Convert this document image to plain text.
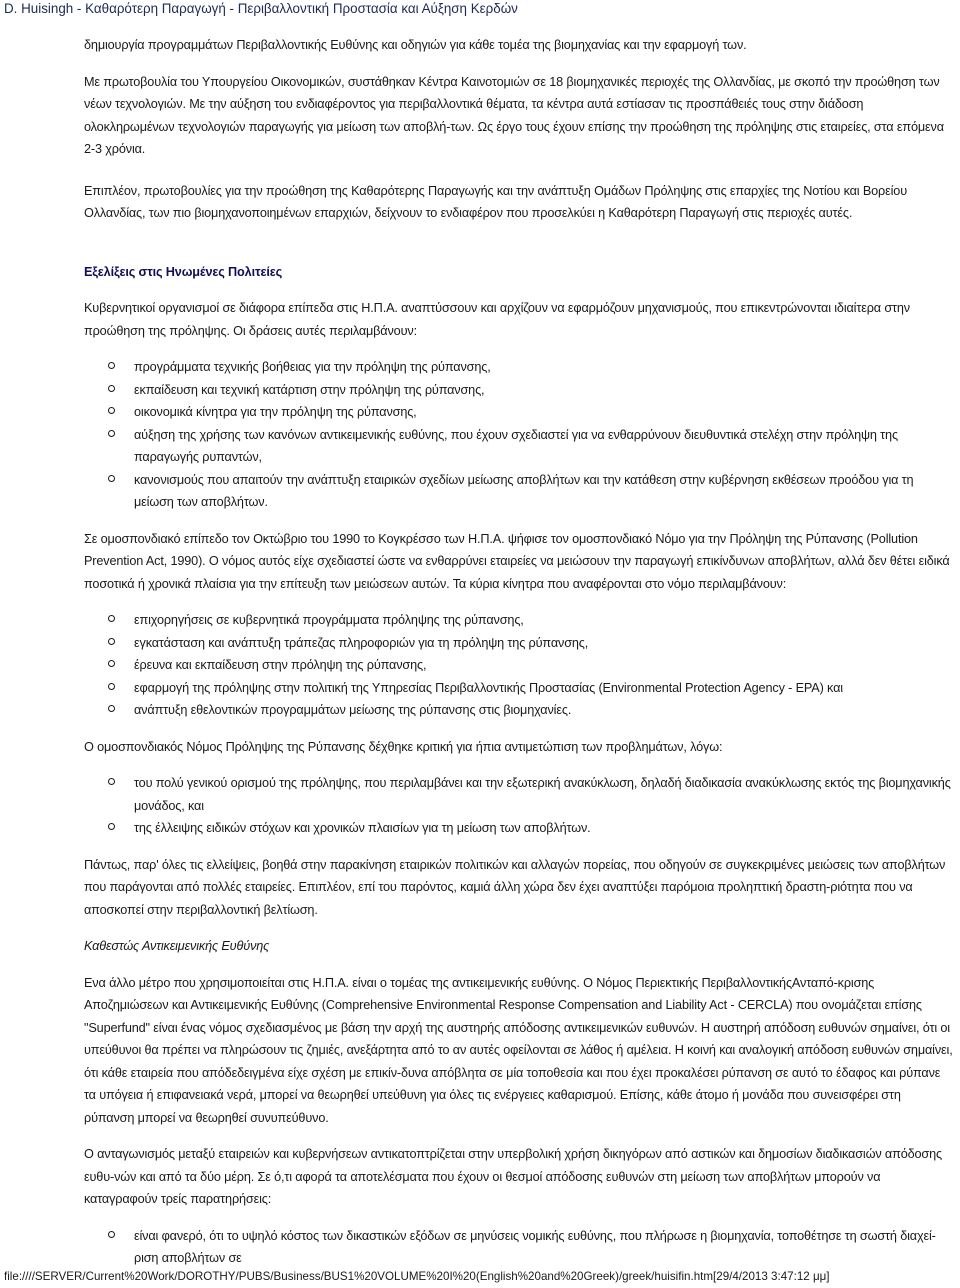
D. Huisingh - Καθαρότερη Παραγωγή - Περιβαλλοντική Προστασία και Αύξηση Κερδών

δημιουργία προγραμμάτων Περιβαλλοντικής Ευθύνης και οδηγιών για κάθε τομέα της βιομηχανίας και την εφαρμογή των.

Με πρωτοβουλία του Υπουργείου Οικονομικών, συστάθηκαν Κέντρα Καινοτομιών σε 18 βιομηχανικές περιοχές της Ολλανδίας, με σκοπό την προώθηση των νέων τεχνολογιών. Με την αύξηση του ενδιαφέροντος για περιβαλλοντικά θέματα, τα κέντρα αυτά εστίασαν τις προσπάθειές τους στην διάδοση ολοκληρωμένων τεχνολογιών παραγωγής για μείωση των αποβλή-των. Ως έργο τους έχουν επίσης την προώθηση της πρόληψης στις εταιρείες, στα επόμενα 2-3 χρόνια.

Επιπλέον, πρωτοβουλίες για την προώθηση της Καθαρότερης Παραγωγής και την ανάπτυξη Ομάδων Πρόληψης στις επαρχίες της Νοτίου και Βορείου Ολλανδίας, των πιο βιομηχανοποιημένων επαρχιών, δείχνουν το ενδιαφέρον που προσελκύει η Καθαρότερη Παραγωγή στις περιοχές αυτές.

Εξελίξεις στις Ηνωμένες Πολιτείες

Κυβερνητικοί οργανισμοί σε διάφορα επίπεδα στις Η.Π.Α. αναπτύσσουν και αρχίζουν να εφαρμόζουν μηχανισμούς, που επικεντρώνονται ιδιαίτερα στην προώθηση της πρόληψης. Οι δράσεις αυτές περιλαμβάνουν:

προγράμματα τεχνικής βοήθειας για την πρόληψη της ρύπανσης,
εκπαίδευση και τεχνική κατάρτιση στην πρόληψη της ρύπανσης,
οικονομικά κίνητρα για την πρόληψη της ρύπανσης,
αύξηση της χρήσης των κανόνων αντικειμενικής ευθύνης, που έχουν σχεδιαστεί για να ενθαρρύνουν διευθυντικά στελέχη στην πρόληψη της παραγωγής ρυπαντών,
κανονισμούς που απαιτούν την ανάπτυξη εταιρικών σχεδίων μείωσης αποβλήτων και την κατάθεση στην κυβέρνηση εκθέσεων προόδου για τη μείωση των αποβλήτων.

Σε ομοσπονδιακό επίπεδο τον Οκτώβριο του 1990 το Κογκρέσσο των Η.Π.Α. ψήφισε τον ομοσπονδιακό Νόμο για την Πρόληψη της Ρύπανσης (Pollution Prevention Act, 1990). Ο νόμος αυτός είχε σχεδιαστεί ώστε να ενθαρρύνει εταιρείες να μειώσουν την παραγωγή επικίνδυνων αποβλήτων, αλλά δεν θέτει ειδικά ποσοτικά ή χρονικά πλαίσια για την επίτευξη των μειώσεων αυτών. Τα κύρια κίνητρα που αναφέρονται στο νόμο περιλαμβάνουν:

επιχορηγήσεις σε κυβερνητικά προγράμματα πρόληψης της ρύπανσης,
εγκατάσταση και ανάπτυξη τράπεζας πληροφοριών για τη πρόληψη της ρύπανσης,
έρευνα και εκπαίδευση στην πρόληψη της ρύπανσης,
εφαρμογή της πρόληψης στην πολιτική της Υπηρεσίας Περιβαλλοντικής Προστασίας (Environmental Protection Agency - EPA) και
ανάπτυξη εθελοντικών προγραμμάτων μείωσης της ρύπανσης στις βιομηχανίες.

Ο ομοσπονδιακός Νόμος Πρόληψης της Ρύπανσης δέχθηκε κριτική για ήπια αντιμετώπιση των προβλημάτων, λόγω:

του πολύ γενικού ορισμού της πρόληψης, που περιλαμβάνει και την εξωτερική ανακύκλωση, δηλαδή διαδικασία ανακύκλωσης εκτός της βιομηχανικής μονάδος, και
της έλλειψης ειδικών στόχων και χρονικών πλαισίων για τη μείωση των αποβλήτων.

Πάντως, παρ' όλες τις ελλείψεις, βοηθά στην παρακίνηση εταιρικών πολιτικών και αλλαγών πορείας, που οδηγούν σε συγκεκριμένες μειώσεις των αποβλήτων που παράγονται από πολλές εταιρείες. Επιπλέον, επί του παρόντος, καμιά άλλη χώρα δεν έχει αναπτύξει παρόμοια προληπτική δραστη-ριότητα που να αποσκοπεί στην περιβαλλοντική βελτίωση.

Καθεστώς Αντικειμενικής Ευθύνης

Ενα άλλο μέτρο που χρησιμοποιείται στις Η.Π.Α. είναι ο τομέας της αντικειμενικής ευθύνης. Ο Νόμος Περιεκτικής ΠεριβαλλοντικήςΑνταπό-κρισης Αποζημιώσεων και Αντικειμενικής Ευθύνης (Comprehensive Environmental Response Compensation and Liability Act - CERCLA) που ονομάζεται επίσης "Superfund" είναι ένας νόμος σχεδιασμένος με βάση την αρχή της αυστηρής απόδοσης αντικειμενικών ευθυνών. Η αυστηρή απόδοση ευθυνών σημαίνει, ότι οι υπεύθυνοι θα πρέπει να πληρώσουν τις ζημιές, ανεξάρτητα από το αν αυτές οφείλονται σε λάθος ή αμέλεια. Η κοινή και αναλογική απόδοση ευθυνών σημαίνει, ότι κάθε εταιρεία που απόδεδειγμένα είχε σχέση με επικίν-δυνα απόβλητα σε μία τοποθεσία και που έχει προκαλέσει ρύπανση σε αυτό το έδαφος και ρύπανε τα υπόγεια ή επιφανειακά νερά, μπορεί να θεωρηθεί υπεύθυνη για όλες τις ενέργειες καθαρισμού. Επίσης, κάθε άτομο ή μονάδα που συνεισφέρει στη ρύπανση μπορεί να θεωρηθεί συνυπεύθυνο.

Ο ανταγωνισμός μεταξύ εταιρειών και κυβερνήσεων αντικατοπτρίζεται στην υπερβολική χρήση δικηγόρων από αστικών και δημοσίων διαδικασιών απόδοσης ευθυ-νών και από τα δύο μέρη. Σε ό,τι αφορά τα αποτελέσματα που έχουν οι θεσμοί απόδοσης ευθυνών στη μείωση των αποβλήτων μπορούν να καταγραφούν τρείς παρατηρήσεις:

είναι φανερό, ότι το υψηλό κόστος των δικαστικών εξόδων σε μηνύσεις νομικής ευθύνης, που πλήρωσε η βιομηχανία, τοποθέτησε τη σωστή διαχεί-ριση αποβλήτων σε
file:////SERVER/Current%20Work/DOROTHY/PUBS/Business/BUS1%20VOLUME%20I%20(English%20and%20Greek)/greek/huisifin.htm[29/4/2013 3:47:12 μμ]
